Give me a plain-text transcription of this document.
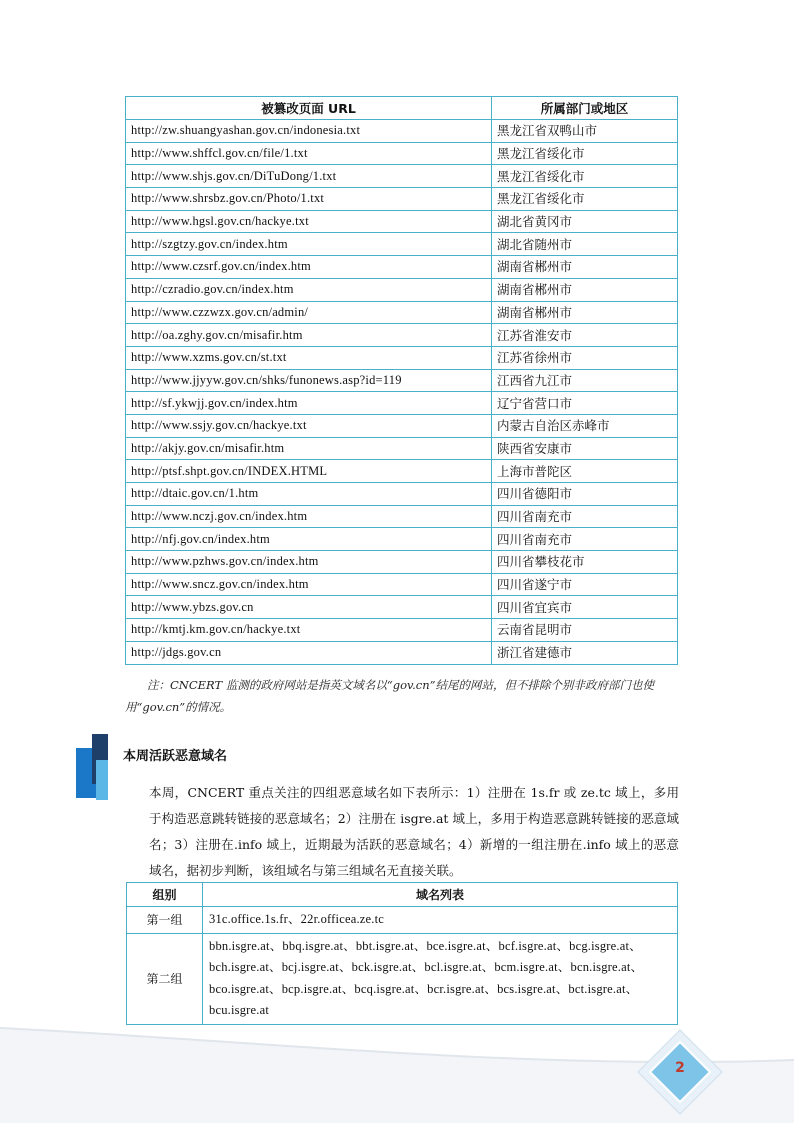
被篡改页面 URL	所属部门或地区
http://zw.shuangyashan.gov.cn/indonesia.txt	黑龙江省双鸭山市
http://www.shffcl.gov.cn/file/1.txt	黑龙江省绥化市
http://www.shjs.gov.cn/DiTuDong/1.txt	黑龙江省绥化市
http://www.shrsbz.gov.cn/Photo/1.txt	黑龙江省绥化市
http://www.hgsl.gov.cn/hackye.txt	湖北省黄冈市
http://szgtzy.gov.cn/index.htm	湖北省随州市
http://www.czsrf.gov.cn/index.htm	湖南省郴州市
http://czradio.gov.cn/index.htm	湖南省郴州市
http://www.czzwzx.gov.cn/admin/	湖南省郴州市
http://oa.zghy.gov.cn/misafir.htm	江苏省淮安市
http://www.xzms.gov.cn/st.txt	江苏省徐州市
http://www.jjyyw.gov.cn/shks/funonews.asp?id=119	江西省九江市
http://sf.ykwjj.gov.cn/index.htm	辽宁省营口市
http://www.ssjy.gov.cn/hackye.txt	内蒙古自治区赤峰市
http://akjy.gov.cn/misafir.htm	陕西省安康市
http://ptsf.shpt.gov.cn/INDEX.HTML	上海市普陀区
http://dtaic.gov.cn/1.htm	四川省德阳市
http://www.nczj.gov.cn/index.htm	四川省南充市
http://nfj.gov.cn/index.htm	四川省南充市
http://www.pzhws.gov.cn/index.htm	四川省攀枝花市
http://www.sncz.gov.cn/index.htm	四川省遂宁市
http://www.ybzs.gov.cn	四川省宜宾市
http://kmtj.km.gov.cn/hackye.txt	云南省昆明市
http://jdgs.gov.cn	浙江省建德市
注：CNCERT 监测的政府网站是指英文域名以“gov.cn”结尾的网站，但不排除个别非政府部门也使
用“gov.cn”的情况。
本周活跃恶意域名
本周，CNCERT 重点关注的四组恶意域名如下表所示：1）注册在 1s.fr 或 ze.tc 域上，多用于构造恶意跳转链接的恶意域名；2）注册在 isgre.at 域上，多用于构造恶意跳转链接的恶意域名；3）注册在.info 域上，近期最为活跃的恶意域名；4）新增的一组注册在.info 域上的恶意域名，据初步判断，该组域名与第三组域名无直接关联。
组别	域名列表
第一组	31c.office.1s.fr、22r.officea.ze.tc
第二组	bbn.isgre.at、bbq.isgre.at、bbt.isgre.at、bce.isgre.at、bcf.isgre.at、bcg.isgre.at、bch.isgre.at、bcj.isgre.at、bck.isgre.at、bcl.isgre.at、bcm.isgre.at、bcn.isgre.at、bco.isgre.at、bcp.isgre.at、bcq.isgre.at、bcr.isgre.at、bcs.isgre.at、bct.isgre.at、bcu.isgre.at
2
